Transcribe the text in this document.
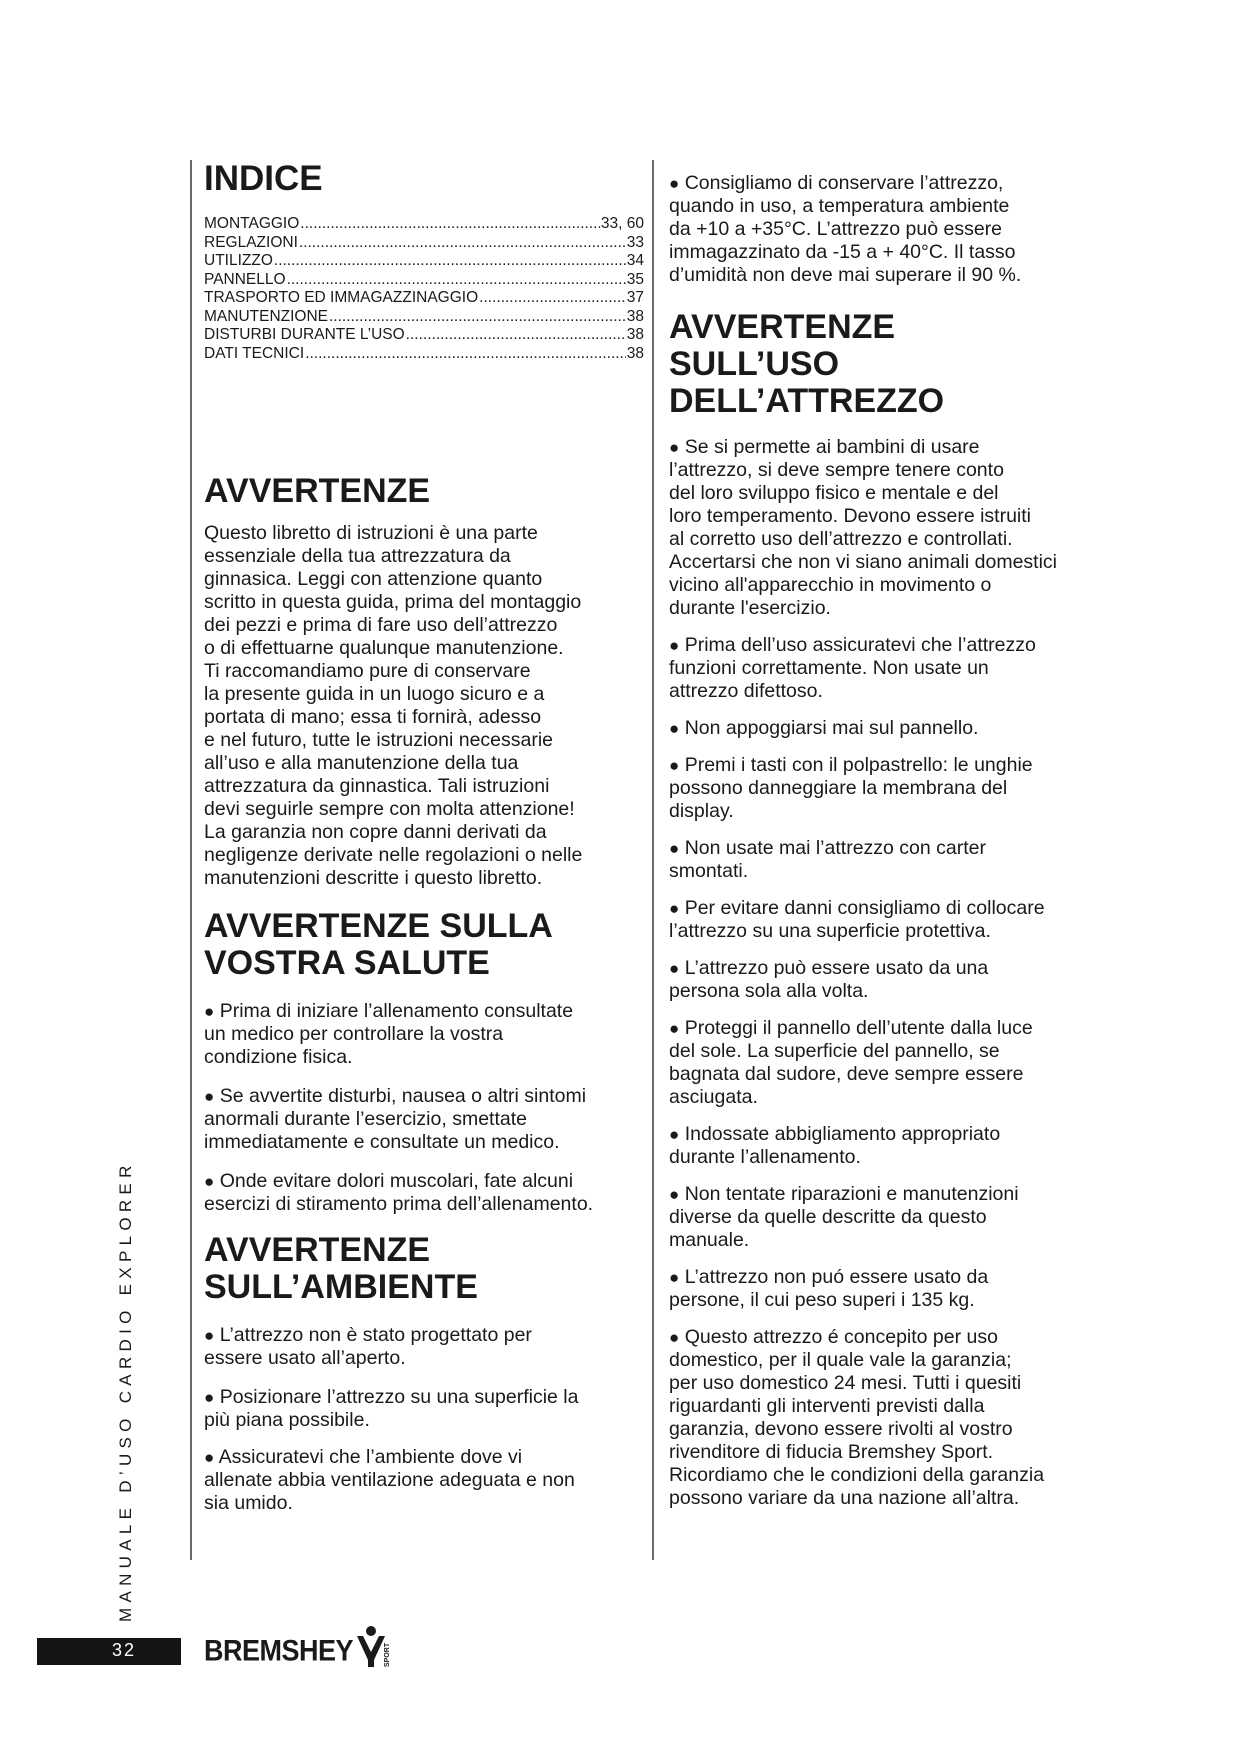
INDICE
MONTAGGIO .....	33, 60
REGLAZIONI .....	33
UTILIZZO .....	34
PANNELLO .....	35
TRASPORTO ED IMMAGAZZINAGGIO .....	37
MANUTENZIONE .....	38
DISTURBI DURANTE L’USO .....	38
DATI TECNICI .....	38
AVVERTENZE

Questo libretto di istruzioni è una parte
essenziale della tua attrezzatura da
ginnasica. Leggi con attenzione quanto
scritto in questa guida, prima del montaggio
dei pezzi e prima di fare uso dell’attrezzo
o di effettuarne qualunque manutenzione.
Ti raccomandiamo pure di conservare
la presente guida in un luogo sicuro e a
portata di mano; essa ti fornirà, adesso
e nel futuro, tutte le istruzioni necessarie
all’uso e alla manutenzione della tua
attrezzatura da ginnastica. Tali istruzioni
devi seguirle sempre con molta attenzione!
La garanzia non copre danni derivati da
negligenze derivate nelle regolazioni o nelle
manutenzioni descritte i questo libretto.

AVVERTENZE SULLA
VOSTRA SALUTE

● Prima di iniziare l’allenamento consultate
un medico per controllare la vostra
condizione fisica.

● Se avvertite disturbi, nausea o altri sintomi
anormali durante l’esercizio, smettate
immediatamente e consultate un medico.

● Onde evitare dolori muscolari, fate alcuni
esercizi di stiramento prima dell’allenamento.

AVVERTENZE
SULL’AMBIENTE

● L’attrezzo non è stato progettato per
essere usato all’aperto.

● Posizionare l’attrezzo su una superficie la
più piana possibile.

● Assicuratevi che l’ambiente dove vi
allenate abbia ventilazione adeguata e non
sia umido.

● Consigliamo di conservare l’attrezzo,
quando in uso, a temperatura ambiente
da +10 a +35°C. L’attrezzo può essere
immagazzinato da -15 a + 40°C. Il tasso
d’umidità non deve mai superare il 90 %.

AVVERTENZE
SULL’USO
DELL’ATTREZZO

● Se si permette ai bambini di usare
l’attrezzo, si deve sempre tenere conto
del loro sviluppo fisico e mentale e del
loro temperamento. Devono essere istruiti
al corretto uso dell’attrezzo e controllati.
Accertarsi che non vi siano animali domestici
vicino all'apparecchio in movimento o
durante l'esercizio.

● Prima dell’uso assicuratevi che l’attrezzo
funzioni correttamente. Non usate un
attrezzo difettoso.

● Non appoggiarsi mai sul pannello.

● Premi i tasti con il polpastrello: le unghie
possono danneggiare la membrana del
display.

● Non usate mai l’attrezzo con carter
smontati.

● Per evitare danni consigliamo di collocare
l’attrezzo su una superficie protettiva.

● L’attrezzo può essere usato da una
persona sola alla volta.

● Proteggi il pannello dell’utente dalla luce
del sole. La superficie del pannello, se
bagnata dal sudore, deve sempre essere
asciugata.

● Indossate abbigliamento appropriato
durante l’allenamento.

● Non tentate riparazioni e manutenzioni
diverse da quelle descritte da questo
manuale.

● L’attrezzo non puó essere usato da
persone, il cui peso superi i 135 kg.

● Questo attrezzo é concepito per uso
domestico, per il quale vale la garanzia;
per uso domestico 24 mesi. Tutti i quesiti
riguardanti gli interventi previsti dalla
garanzia, devono essere rivolti al vostro
rivenditore di fiducia Bremshey Sport.
Ricordiamo che le condizioni della garanzia
possono variare da una nazione all’altra.

MANUALE D’USO CARDIO EXPLORER
32	BREMSHEY	SPORT
